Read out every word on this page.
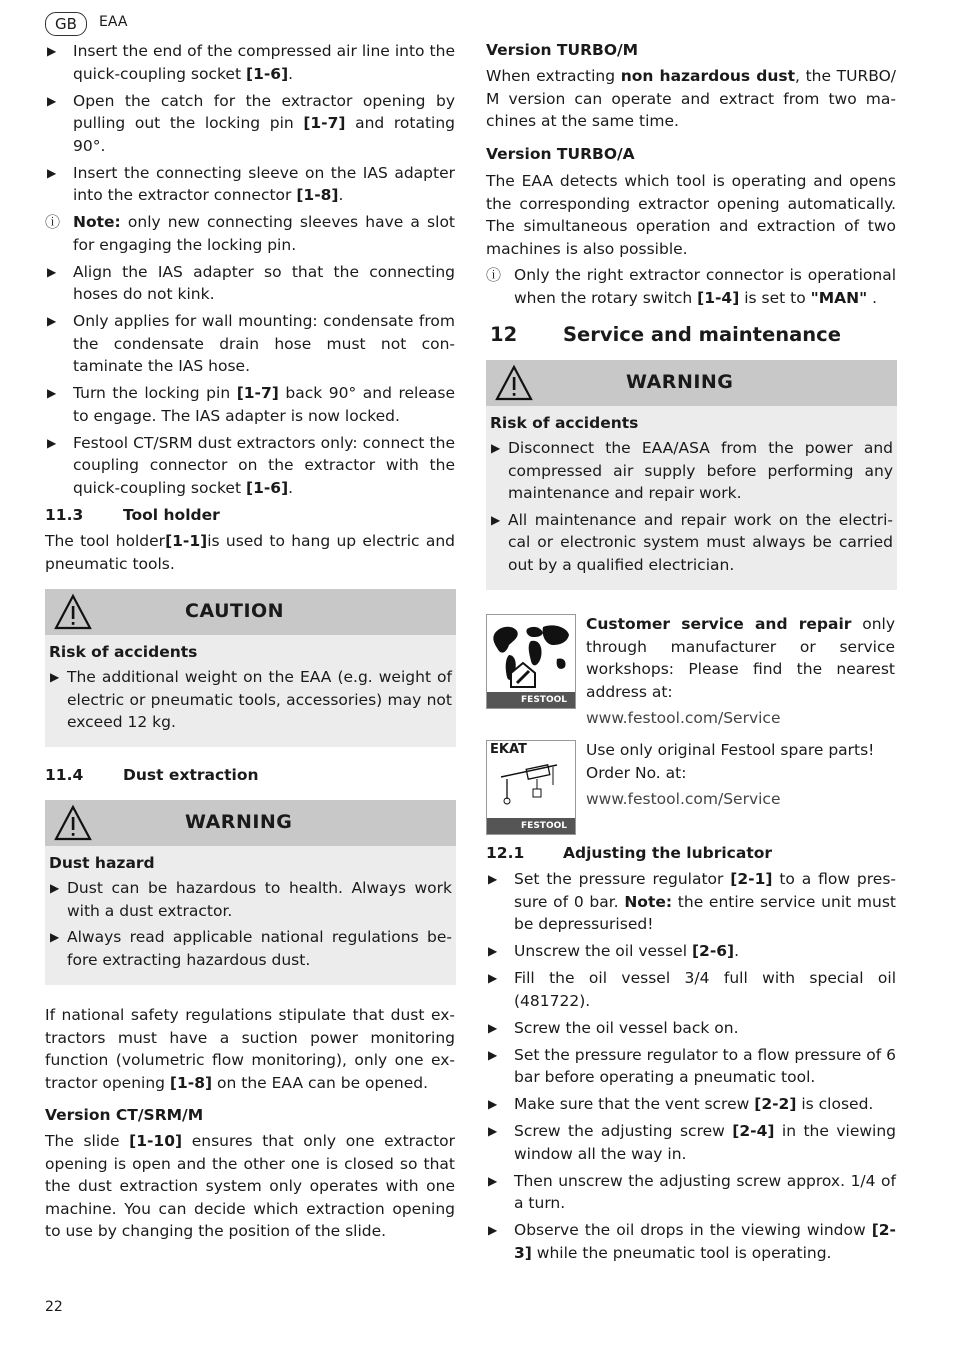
GB	EAA
▶ Insert the end of the compressed air line into the quick-coupling socket [1-6].
▶ Open the catch for the extractor opening by pulling out the locking pin [1-7] and rotating 90°.
▶ Insert the connecting sleeve on the IAS adapter into the extractor connector [1-8].
ⓘ Note: only new connecting sleeves have a slot for engaging the locking pin.
▶ Align the IAS adapter so that the connecting hoses do not kink.
▶ Only applies for wall mounting: condensate from the condensate drain hose must not con-taminate the IAS hose.
▶ Turn the locking pin [1-7] back 90° and release to engage. The IAS adapter is now locked.
▶ Festool CT/SRM dust extractors only: connect the coupling connector on the extractor with the quick-coupling socket [1-6].
11.3	Tool holder

The tool holder[1-1]is used to hang up electric and pneumatic tools.

CAUTION
Risk of accidents
▶ The additional weight on the EAA (e.g. weight of electric or pneumatic tools, accessories) may not exceed 12 kg.
11.4	Dust extraction
WARNING
Dust hazard
▶ Dust can be hazardous to health. Always work with a dust extractor.
▶ Always read applicable national regulations be-fore extracting hazardous dust.

If national safety regulations stipulate that dust ex-tractors must have a suction power monitoring function (volumetric flow monitoring), only one ex-tractor opening [1-8] on the EAA can be opened.

Version CT/SRM/M

The slide [1-10] ensures that only one extractor opening is open and the other one is closed so that the dust extraction system only operates with one machine. You can decide which extraction opening to use by changing the position of the slide.

Version TURBO/M

When extracting non hazardous dust, the TURBO/ M version can operate and extract from two ma-chines at the same time.

Version TURBO/A

The EAA detects which tool is operating and opens the corresponding extractor opening automatically. The simultaneous operation and extraction of two machines is also possible.

ⓘ Only the right extractor connector is operational when the rotary switch [1-4] is set to "MAN" .
12 Service and maintenance
WARNING
Risk of accidents
▶ Disconnect the EAA/ASA from the power and compressed air supply before performing any maintenance and repair work.
▶ All maintenance and repair work on the electri-cal or electronic system must always be carried out by a qualified electrician.
FESTOOL

Customer service and repair only through manufacturer or service workshops: Please find the nearest address at:

www.festool.com/Service

EKAT
FESTOOL

Use only original Festool spare parts! Order No. at:

www.festool.com/Service

12.1	Adjusting the lubricator
▶ Set the pressure regulator [2-1] to a flow pres-sure of 0 bar. Note: the entire service unit must be depressurised!
▶ Unscrew the oil vessel [2-6].
▶ Fill the oil vessel 3/4 full with special oil (481722).
▶ Screw the oil vessel back on.
▶ Set the pressure regulator to a flow pressure of 6 bar before operating a pneumatic tool.
▶ Make sure that the vent screw [2-2] is closed.
▶ Screw the adjusting screw [2-4] in the viewing window all the way in.
▶ Then unscrew the adjusting screw approx. 1/4 of a turn.
▶ Observe the oil drops in the viewing window [2-3] while the pneumatic tool is operating.
22
